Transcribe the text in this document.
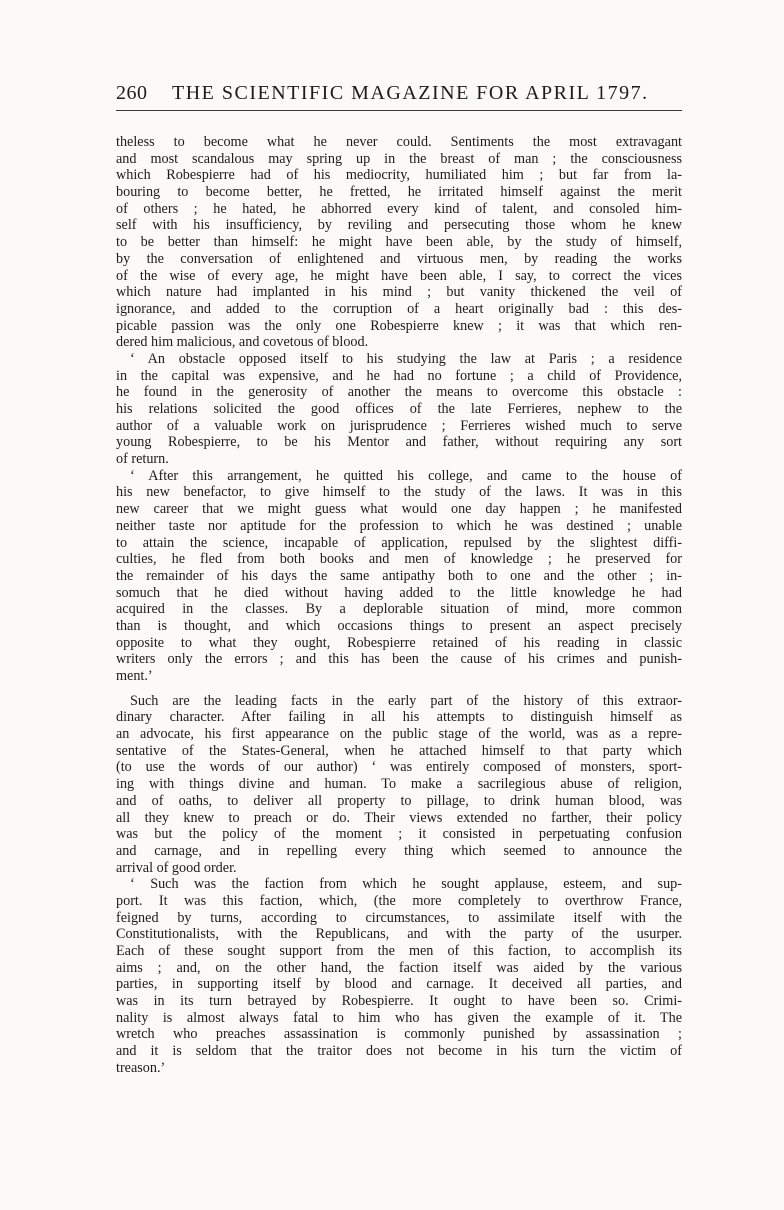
260 THE SCIENTIFIC MAGAZINE FOR APRIL 1797.
theless to become what he never could. Sentiments the most extravagant
and most scandalous may spring up in the breast of man ; the consciousness
which Robespierre had of his mediocrity, humiliated him ; but far from la-
bouring to become better, he fretted, he irritated himself against the merit
of others ; he hated, he abhorred every kind of talent, and consoled him-
self with his insufficiency, by reviling and persecuting those whom he knew
to be better than himself: he might have been able, by the study of himself,
by the conversation of enlightened and virtuous men, by reading the works
of the wise of every age, he might have been able, I say, to correct the vices
which nature had implanted in his mind ; but vanity thickened the veil of
ignorance, and added to the corruption of a heart originally bad : this des-
picable passion was the only one Robespierre knew ; it was that which ren-
dered him malicious, and covetous of blood.
‘ An obstacle opposed itself to his studying the law at Paris ; a residence
in the capital was expensive, and he had no fortune ; a child of Providence,
he found in the generosity of another the means to overcome this obstacle :
his relations solicited the good offices of the late Ferrieres, nephew to the
author of a valuable work on jurisprudence ; Ferrieres wished much to serve
young Robespierre, to be his Mentor and father, without requiring any sort
of return.
‘ After this arrangement, he quitted his college, and came to the house of
his new benefactor, to give himself to the study of the laws. It was in this
new career that we might guess what would one day happen ; he manifested
neither taste nor aptitude for the profession to which he was destined ; unable
to attain the science, incapable of application, repulsed by the slightest diffi-
culties, he fled from both books and men of knowledge ; he preserved for
the remainder of his days the same antipathy both to one and the other ; in-
somuch that he died without having added to the little knowledge he had
acquired in the classes. By a deplorable situation of mind, more common
than is thought, and which occasions things to present an aspect precisely
opposite to what they ought, Robespierre retained of his reading in classic
writers only the errors ; and this has been the cause of his crimes and punish-
ment.’
Such are the leading facts in the early part of the history of this extraor-
dinary character. After failing in all his attempts to distinguish himself as
an advocate, his first appearance on the public stage of the world, was as a repre-
sentative of the States-General, when he attached himself to that party which
(to use the words of our author) ‘ was entirely composed of monsters, sport-
ing with things divine and human. To make a sacrilegious abuse of religion,
and of oaths, to deliver all property to pillage, to drink human blood, was
all they knew to preach or do. Their views extended no farther, their policy
was but the policy of the moment ; it consisted in perpetuating confusion
and carnage, and in repelling every thing which seemed to announce the
arrival of good order.
‘ Such was the faction from which he sought applause, esteem, and sup-
port. It was this faction, which, (the more completely to overthrow France,
feigned by turns, according to circumstances, to assimilate itself with the
Constitutionalists, with the Republicans, and with the party of the usurper.
Each of these sought support from the men of this faction, to accomplish its
aims ; and, on the other hand, the faction itself was aided by the various
parties, in supporting itself by blood and carnage. It deceived all parties, and
was in its turn betrayed by Robespierre. It ought to have been so. Crimi-
nality is almost always fatal to him who has given the example of it. The
wretch who preaches assassination is commonly punished by assassination ;
and it is seldom that the traitor does not become in his turn the victim of
treason.’
